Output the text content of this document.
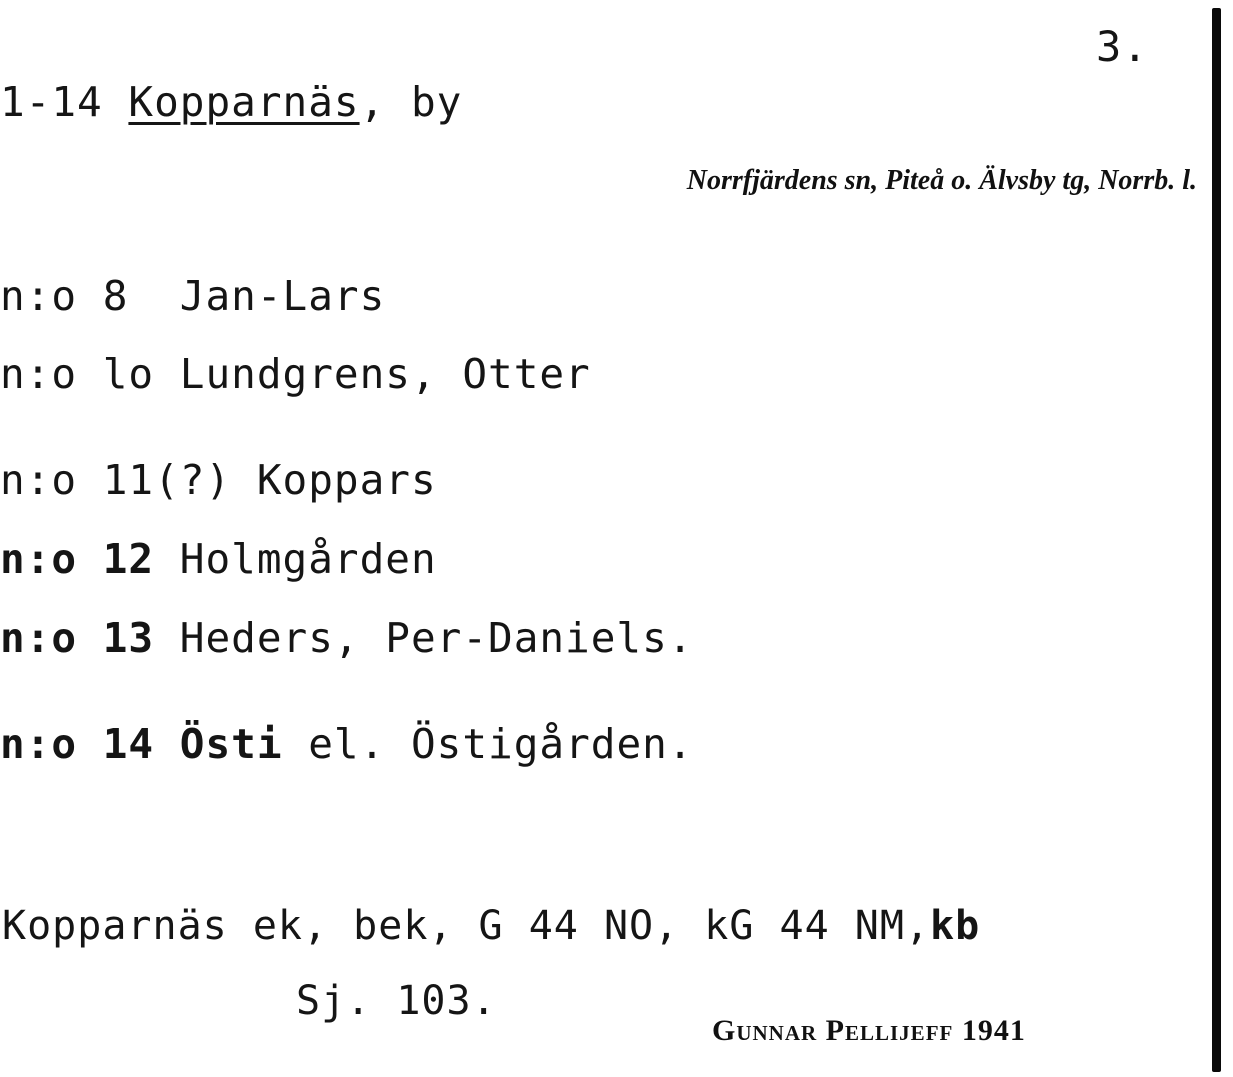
3.
1-14 Kopparnäs, by
Norrfjärdens sn, Piteå o. Älvsby tg, Norrb. l.
n:o 8 Jan-Lars
n:o lo Lundgrens, Otter
n:o 11(?) Koppars
n:o 12 Holmgården
n:o 13 Heders, Per-Daniels.
n:o 14 Östi el. Östigården.
Kopparnäs ek, bek, G 44 NO, kG 44 NM,kb
Sj. 103.
Gunnar Pellijeff 1941
